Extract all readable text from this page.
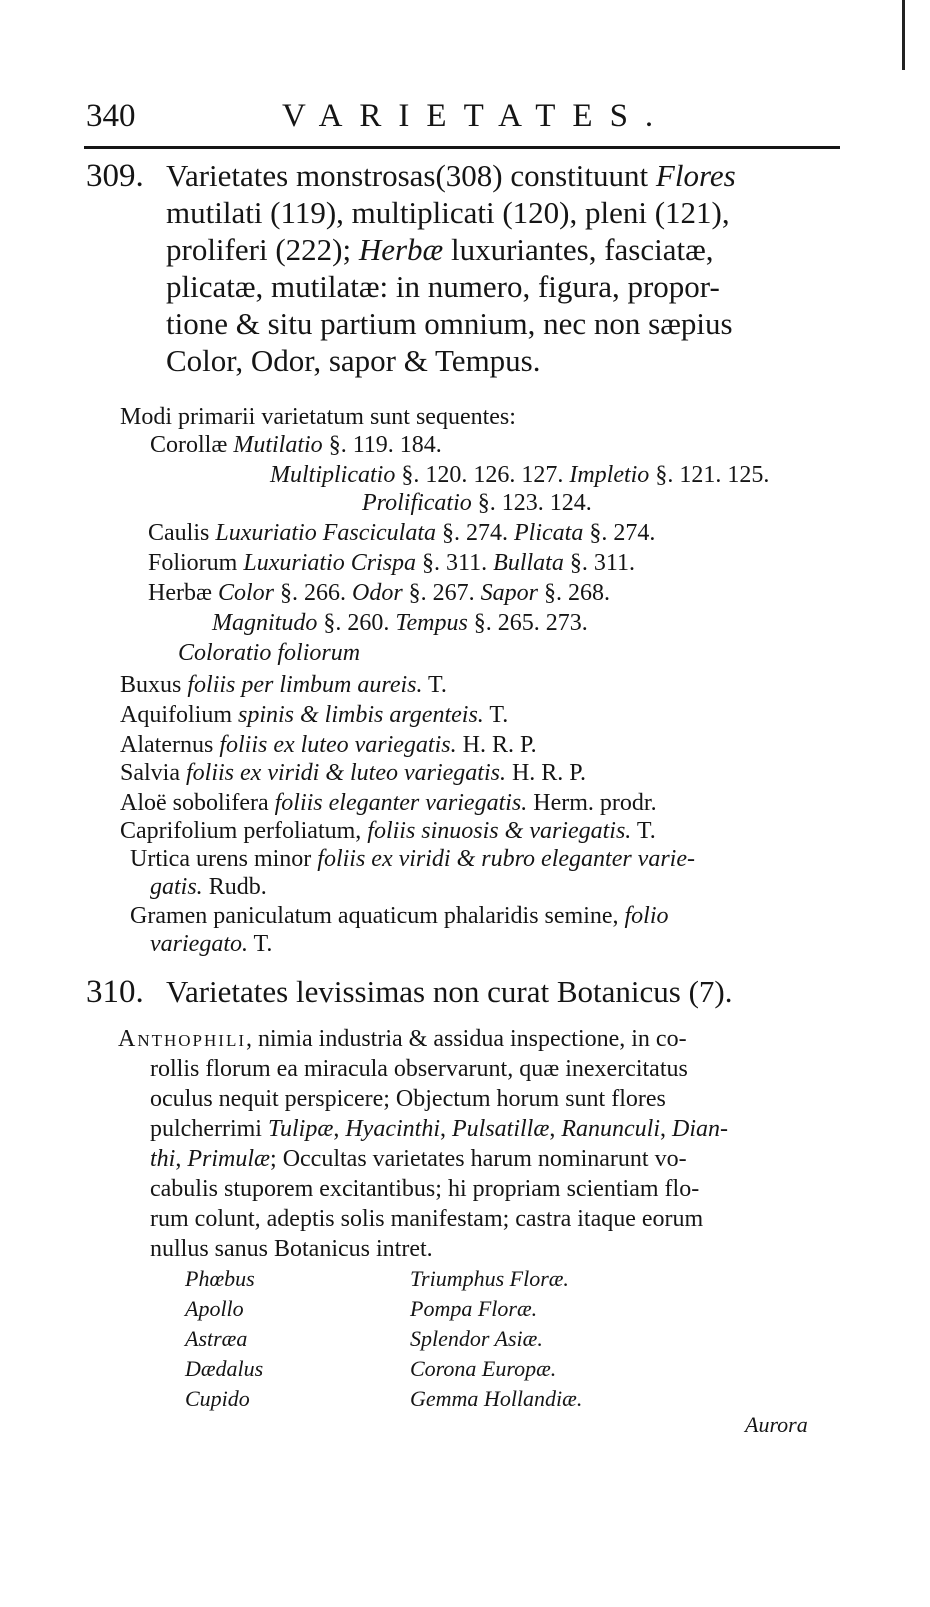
340	VARIETATES.
309. Varietates monstrosas(308) constituunt Flores
mutilati (119), multiplicati (120), pleni (121),
proliferi (222); Herbæ luxuriantes, fasciatæ,
plicatæ, mutilatæ: in numero, figura, propor-
tione & situ partium omnium, nec non sæpius
Color, Odor, sapor & Tempus.
Modi primarii varietatum sunt sequentes:
Corollæ Mutilatio §. 119. 184.
Multiplicatio §. 120. 126. 127. Impletio §. 121. 125.
Prolificatio §. 123. 124.
Caulis Luxuriatio Fasciculata §. 274. Plicata §. 274.
Foliorum Luxuriatio Crispa §. 311. Bullata §. 311.
Herbæ Color §. 266. Odor §. 267. Sapor §. 268.
Magnitudo §. 260. Tempus §. 265. 273.
Coloratio foliorum
Buxus foliis per limbum aureis. T.
Aquifolium spinis & limbis argenteis. T.
Alaternus foliis ex luteo variegatis. H. R. P.
Salvia foliis ex viridi & luteo variegatis. H. R. P.
Aloë sobolifera foliis eleganter variegatis. Herm. prodr.
Caprifolium perfoliatum, foliis sinuosis & variegatis. T.
Urtica urens minor foliis ex viridi & rubro eleganter varie-
gatis. Rudb.
Gramen paniculatum aquaticum phalaridis semine, folio
variegato. T.
310. Varietates levissimas non curat Botanicus (7).
Anthophili, nimia industria & assidua inspectione, in co-
rollis florum ea miracula observarunt, quæ inexercitatus
oculus nequit perspicere; Objectum horum sunt flores
pulcherrimi Tulipæ, Hyacinthi, Pulsatillæ, Ranunculi, Dian-
thi, Primulæ; Occultas varietates harum nominarunt vo-
cabulis stuporem excitantibus; hi propriam scientiam flo-
rum colunt, adeptis solis manifestam; castra itaque eorum
nullus sanus Botanicus intret.
Phœbus
Apollo
Astræa
Dædalus
Cupido
Triumphus Floræ.
Pompa Floræ.
Splendor Asiæ.
Corona Europæ.
Gemma Hollandiæ.
Aurora
